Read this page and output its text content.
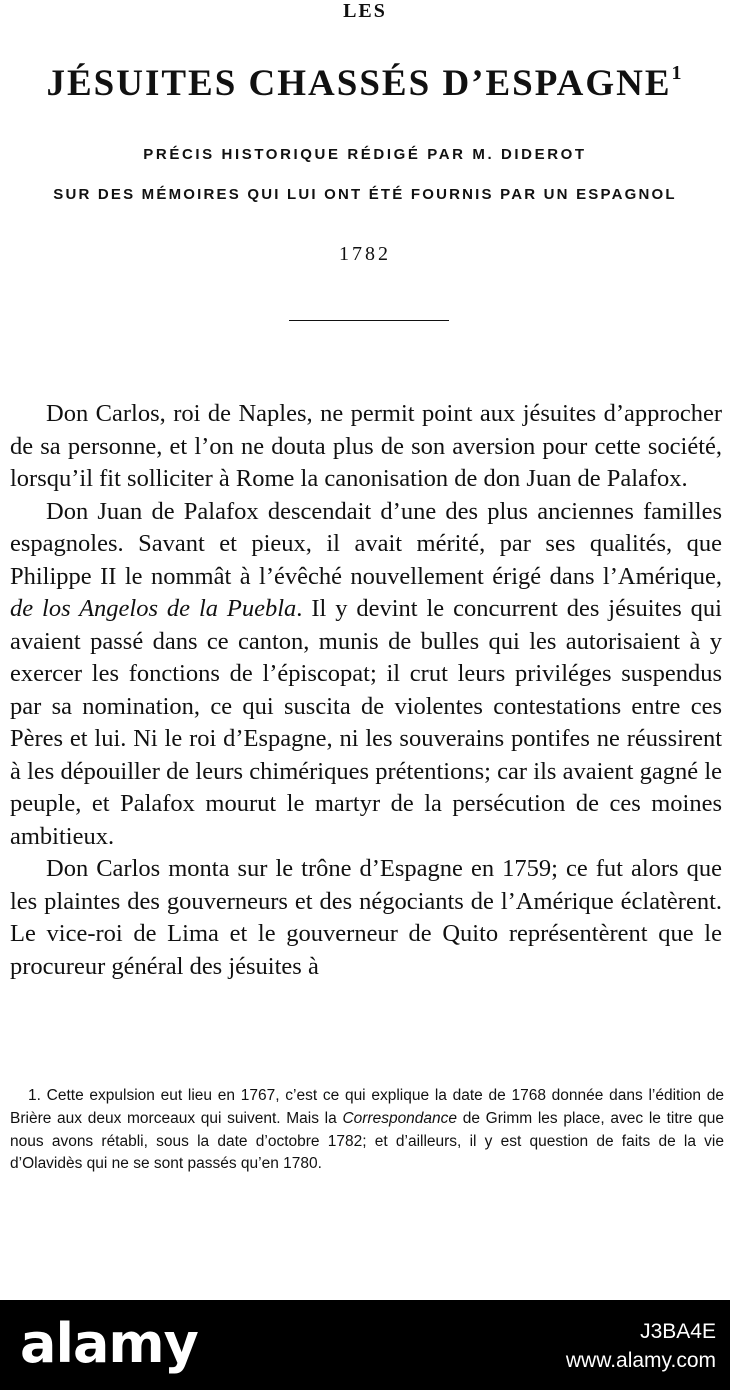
LES
JÉSUITES CHASSÉS D’ESPAGNE$^1$
PRÉCIS HISTORIQUE RÉDIGÉ PAR M. DIDEROT
SUR DES MÉMOIRES QUI LUI ONT ÉTÉ FOURNIS PAR UN ESPAGNOL
1782

Don Carlos, roi de Naples, ne permit point aux jésuites d’approcher de sa personne, et l’on ne douta plus de son aversion pour cette société, lorsqu’il fit solliciter à Rome la canonisation de don Juan de Palafox.

Don Juan de Palafox descendait d’une des plus anciennes familles espagnoles. Savant et pieux, il avait mérité, par ses qualités, que Philippe II le nommât à l’évêché nouvellement érigé dans l’Amérique, de los Angelos de la Puebla. Il y devint le concurrent des jésuites qui avaient passé dans ce canton, munis de bulles qui les autorisaient à y exercer les fonctions de l’épiscopat; il crut leurs priviléges suspendus par sa nomination, ce qui suscita de violentes contestations entre ces Pères et lui. Ni le roi d’Espagne, ni les souverains pontifes ne réussirent à les dépouiller de leurs chimériques prétentions; car ils avaient gagné le peuple, et Palafox mourut le martyr de la persécution de ces moines ambitieux.

Don Carlos monta sur le trône d’Espagne en 1759; ce fut alors que les plaintes des gouverneurs et des négociants de l’Amérique éclatèrent. Le vice-roi de Lima et le gouverneur de Quito représentèrent que le procureur général des jésuites à

1. Cette expulsion eut lieu en 1767, c’est ce qui explique la date de 1768 donnée dans l’édition de Brière aux deux morceaux qui suivent. Mais la Correspondance de Grimm les place, avec le titre que nous avons rétabli, sous la date d’octobre 1782; et d’ailleurs, il y est question de faits de la vie d’Olavidès qui ne se sont passés qu’en 1780.

alamy	J3BA4E
www.alamy.com
